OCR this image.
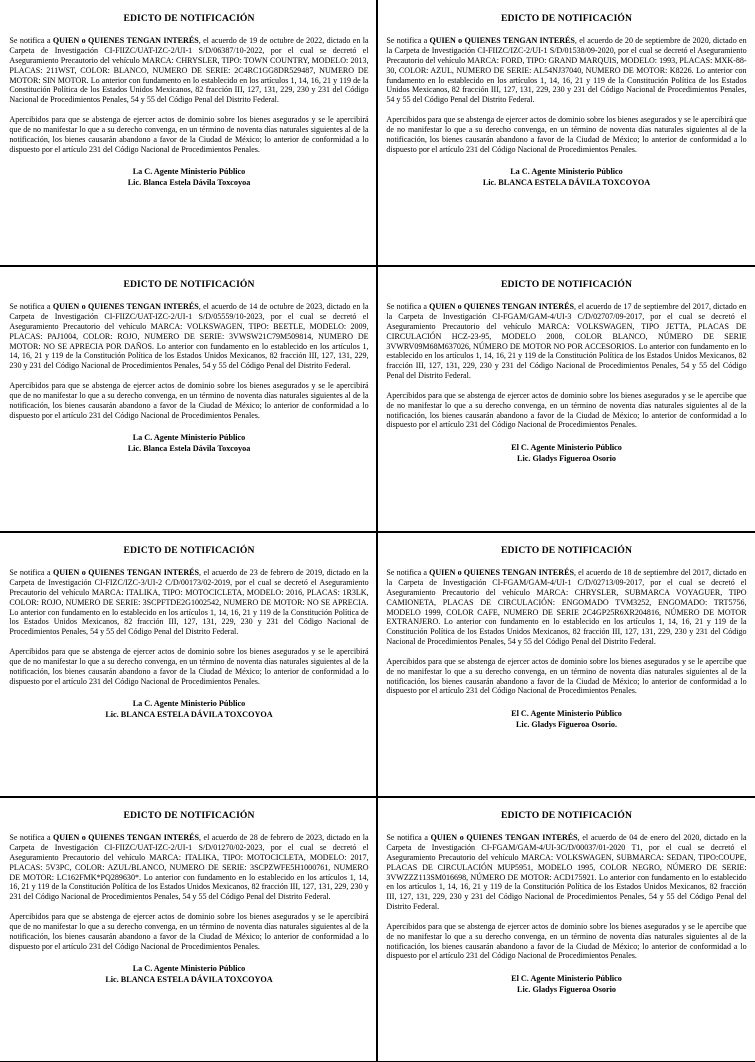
EDICTO DE NOTIFICACIÓN

Se notifica a QUIEN o QUIENES TENGAN INTERÉS, el acuerdo de 19 de octubre de 2022, dictado en la Carpeta de Investigación CI-FIIZC/UAT-IZC-2/UI-1 S/D/06387/10-2022, por el cual se decretó el Aseguramiento Precautorio del vehículo MARCA: CHRYSLER, TIPO: TOWN COUNTRY, MODELO: 2013, PLACAS: 211WST, COLOR: BLANCO, NUMERO DE SERIE: 2C4RC1GG8DR529487, NUMERO DE MOTOR: SIN MOTOR. Lo anterior con fundamento en lo establecido en los artículos 1, 14, 16, 21 y 119 de la Constitución Política de los Estados Unidos Mexicanos, 82 fracción III, 127, 131, 229, 230 y 231 del Código Nacional de Procedimientos Penales, 54 y 55 del Código Penal del Distrito Federal.

Apercibidos para que se abstenga de ejercer actos de dominio sobre los bienes asegurados y se le apercibirá que de no manifestar lo que a su derecho convenga, en un término de noventa días naturales siguientes al de la notificación, los bienes causarán abandono a favor de la Ciudad de México; lo anterior de conformidad a lo dispuesto por el artículo 231 del Código Nacional de Procedimientos Penales.

La C. Agente Ministerio Público
Lic. Blanca Estela Dávila Toxcoyoa
EDICTO DE NOTIFICACIÓN

Se notifica a QUIEN o QUIENES TENGAN INTERÉS, el acuerdo de 20 de septiembre de 2020, dictado en la Carpeta de Investigación CI-FIIZC/IZC-2/UI-1 S/D/01538/09-2020, por el cual se decretó el Aseguramiento Precautorio del vehículo MARCA: FORD, TIPO: GRAND MARQUIS, MODELO: 1993, PLACAS: MXK-88-30, COLOR: AZUL, NUMERO DE SERIE: AL54NJ37040, NUMERO DE MOTOR: K8226. Lo anterior con fundamento en lo establecido en los artículos 1, 14, 16, 21 y 119 de la Constitución Política de los Estados Unidos Mexicanos, 82 fracción III, 127, 131, 229, 230 y 231 del Código Nacional de Procedimientos Penales, 54 y 55 del Código Penal del Distrito Federal.

Apercibidos para que se abstenga de ejercer actos de dominio sobre los bienes asegurados y se le apercibirá que de no manifestar lo que a su derecho convenga, en un término de noventa días naturales siguientes al de la notificación, los bienes causarán abandono a favor de la Ciudad de México; lo anterior de conformidad a lo dispuesto por el artículo 231 del Código Nacional de Procedimientos Penales.

La C. Agente Ministerio Público
Lic. BLANCA ESTELA DÁVILA TOXCOYOA
EDICTO DE NOTIFICACIÓN

Se notifica a QUIEN o QUIENES TENGAN INTERÉS, el acuerdo de 14 de octubre de 2023, dictado en la Carpeta de Investigación CI-FIIZC/UAT-IZC-2/UI-1 S/D/05559/10-2023, por el cual se decretó el Aseguramiento Precautorio del vehículo MARCA: VOLKSWAGEN, TIPO: BEETLE, MODELO: 2009, PLACAS: PAJ1004, COLOR: ROJO, NUMERO DE SERIE: 3VWSW21C79M509814, NUMERO DE MOTOR: NO SE APRECIA POR DAÑOS. Lo anterior con fundamento en lo establecido en los artículos 1, 14, 16, 21 y 119 de la Constitución Política de los Estados Unidos Mexicanos, 82 fracción III, 127, 131, 229, 230 y 231 del Código Nacional de Procedimientos Penales, 54 y 55 del Código Penal del Distrito Federal.

Apercibidos para que se abstenga de ejercer actos de dominio sobre los bienes asegurados y se le apercibirá que de no manifestar lo que a su derecho convenga, en un término de noventa días naturales siguientes al de la notificación, los bienes causarán abandono a favor de la Ciudad de México; lo anterior de conformidad a lo dispuesto por el artículo 231 del Código Nacional de Procedimientos Penales.

La C. Agente Ministerio Público
Lic. Blanca Estela Dávila Toxcoyoa
EDICTO DE NOTIFICACIÓN

Se notifica a QUIEN o QUIENES TENGAN INTERÉS, el acuerdo de 17 de septiembre del 2017, dictado en la Carpeta de Investigación CI-FGAM/GAM-4/UI-3 C/D/02707/09-2017, por el cual se decretó el Aseguramiento Precautorio del vehículo MARCA: VOLKSWAGEN, TIPO JETTA, PLACAS DE CIRCULACIÓN HCZ-23-95, MODELO 2008, COLOR BLANCO, NÚMERO DE SERIE 3VWRV09M68M637026, NÚMERO DE MOTOR NO POR ACCESORIOS. Lo anterior con fundamento en lo establecido en los artículos 1, 14, 16, 21 y 119 de la Constitución Política de los Estados Unidos Mexicanos, 82 fracción III, 127, 131, 229, 230 y 231 del Código Nacional de Procedimientos Penales, 54 y 55 del Código Penal del Distrito Federal.

Apercibidos para que se abstenga de ejercer actos de dominio sobre los bienes asegurados y se le apercibe que de no manifestar lo que a su derecho convenga, en un término de noventa días naturales siguientes al de la notificación, los bienes causarán abandono a favor de la Ciudad de México; lo anterior de conformidad a lo dispuesto por el artículo 231 del Código Nacional de Procedimientos Penales.

El C. Agente Ministerio Público
Lic. Gladys Figueroa Osorio
EDICTO DE NOTIFICACIÓN

Se notifica a QUIEN o QUIENES TENGAN INTERÉS, el acuerdo de 23 de febrero de 2019, dictado en la Carpeta de Investigación CI-FIZC/IZC-3/UI-2 C/D/00173/02-2019, por el cual se decretó el Aseguramiento Precautorio del vehículo MARCA: ITALIKA, TIPO: MOTOCICLETA, MODELO: 2016, PLACAS: 1R3LK, COLOR: ROJO, NUMERO DE SERIE: 3SCPFTDE2G1002542, NUMERO DE MOTOR: NO SE APRECIA. Lo anterior con fundamento en lo establecido en los artículos 1, 14, 16, 21 y 119 de la Constitución Política de los Estados Unidos Mexicanos, 82 fracción III, 127, 131, 229, 230 y 231 del Código Nacional de Procedimientos Penales, 54 y 55 del Código Penal del Distrito Federal.

Apercibidos para que se abstenga de ejercer actos de dominio sobre los bienes asegurados y se le apercibirá que de no manifestar lo que a su derecho convenga, en un término de noventa días naturales siguientes al de la notificación, los bienes causarán abandono a favor de la Ciudad de México; lo anterior de conformidad a lo dispuesto por el artículo 231 del Código Nacional de Procedimientos Penales.

La C. Agente Ministerio Público
Lic. BLANCA ESTELA DÁVILA TOXCOYOA
EDICTO DE NOTIFICACIÓN

Se notifica a QUIEN o QUIENES TENGAN INTERÉS, el acuerdo de 18 de septiembre del 2017, dictado en la Carpeta de Investigación CI-FGAM/GAM-4/UI-1 C/D/02713/09-2017, por el cual se decretó el Aseguramiento Precautorio del vehículo MARCA: CHRYSLER, SUBMARCA VOYAGUER, TIPO CAMIONETA, PLACAS DE CIRCULACIÓN: ENGOMADO TVM3252, ENGOMADO: TRT5756, MODELO 1999, COLOR CAFE, NUMERO DE SERIE 2C4GP25R6XR204816, NÚMERO DE MOTOR EXTRANJERO. Lo anterior con fundamento en lo establecido en los artículos 1, 14, 16, 21 y 119 de la Constitución Política de los Estados Unidos Mexicanos, 82 fracción III, 127, 131, 229, 230 y 231 del Código Nacional de Procedimientos Penales, 54 y 55 del Código Penal del Distrito Federal.

Apercibidos para que se abstenga de ejercer actos de dominio sobre los bienes asegurados y se le apercibe que de no manifestar lo que a su derecho convenga, en un término de noventa días naturales siguientes al de la notificación, los bienes causarán abandono a favor de la Ciudad de México; lo anterior de conformidad a lo dispuesto por el artículo 231 del Código Nacional de Procedimientos Penales.

El C. Agente Ministerio Público
Lic. Gladys Figueroa Osorio.
EDICTO DE NOTIFICACIÓN

Se notifica a QUIEN o QUIENES TENGAN INTERÉS, el acuerdo de 28 de febrero de 2023, dictado en la Carpeta de Investigación CI-FIIZC/UAT-IZC-2/UI-1 S/D/01270/02-2023, por el cual se decretó el Aseguramiento Precautorio del vehículo MARCA: ITALIKA, TIPO: MOTOCICLETA, MODELO: 2017, PLACAS: 5V3PC, COLOR: AZUL/BLANCO, NUMERO DE SERIE: 3SCPZWFE5H1000761, NUMERO DE MOTOR: LC162FMK*PQ289630*. Lo anterior con fundamento en lo establecido en los artículos 1, 14, 16, 21 y 119 de la Constitución Política de los Estados Unidos Mexicanos, 82 fracción III, 127, 131, 229, 230 y 231 del Código Nacional de Procedimientos Penales, 54 y 55 del Código Penal del Distrito Federal.

Apercibidos para que se abstenga de ejercer actos de dominio sobre los bienes asegurados y se le apercibirá que de no manifestar lo que a su derecho convenga, en un término de noventa días naturales siguientes al de la notificación, los bienes causarán abandono a favor de la Ciudad de México; lo anterior de conformidad a lo dispuesto por el artículo 231 del Código Nacional de Procedimientos Penales.

La C. Agente Ministerio Público
Lic. BLANCA ESTELA DÁVILA TOXCOYOA
EDICTO DE NOTIFICACIÓN

Se notifica a QUIEN o QUIENES TENGAN INTERÉS, el acuerdo de 04 de enero del 2020, dictado en la Carpeta de Investigación CI-FGAM/GAM-4/UI-3C/D/00037/01-2020 T1, por el cual se decretó el Aseguramiento Precautorio del vehículo MARCA: VOLKSWAGEN, SUBMARCA: SEDAN, TIPO:COUPE, PLACAS DE CIRCULACIÓN MUP5951, MODELO 1995, COLOR NEGRO, NÚMERO DE SERIE: 3VWZZZ113SM016698, NÚMERO DE MOTOR: ACD175921. Lo anterior con fundamento en lo establecido en los artículos 1, 14, 16, 21 y 119 de la Constitución Política de los Estados Unidos Mexicanos, 82 fracción III, 127, 131, 229, 230 y 231 del Código Nacional de Procedimientos Penales, 54 y 55 del Código Penal del Distrito Federal.

Apercibidos para que se abstenga de ejercer actos de dominio sobre los bienes asegurados y se le apercibe que de no manifestar lo que a su derecho convenga, en un término de noventa días naturales siguientes al de la notificación, los bienes causarán abandono a favor de la Ciudad de México; lo anterior de conformidad a lo dispuesto por el artículo 231 del Código Nacional de Procedimientos Penales.

El C. Agente Ministerio Público
Lic. Gladys Figueroa Osorio
